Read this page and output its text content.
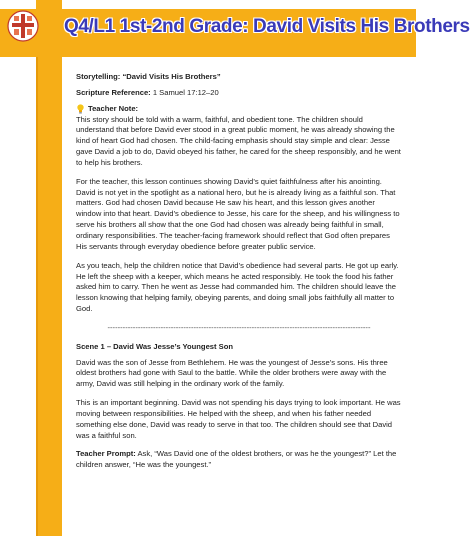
Q4/L1 1st-2nd Grade: David Visits His Brothers

Storytelling: “David Visits His Brothers”

Scripture Reference: 1 Samuel 17:12–20

Teacher Note:

This story should be told with a warm, faithful, and obedient tone. The children should understand that before David ever stood in a great public moment, he was already showing the kind of heart God had chosen. The child-facing emphasis should stay simple and clear: Jesse gave David a job to do, David obeyed his father, he cared for the sheep responsibly, and he went to help his brothers.

For the teacher, this lesson continues showing David’s quiet faithfulness after his anointing. David is not yet in the spotlight as a national hero, but he is already living as a faithful son. That matters. God had chosen David because He saw his heart, and this lesson gives another window into that heart. David’s obedience to Jesse, his care for the sheep, and his willingness to serve his brothers all show that the one God had chosen was already being faithful in small, ordinary responsibilities. The teacher-facing framework should reflect that God often prepares His servants through everyday obedience before greater public service.

As you teach, help the children notice that David’s obedience had several parts. He got up early. He left the sheep with a keeper, which means he acted responsibly. He took the food his father asked him to carry. Then he went as Jesse had commanded him. The children should leave the lesson knowing that helping family, obeying parents, and doing small jobs faithfully all matter to God.

--------------------------------------------------------------------------------------------------------

Scene 1 – David Was Jesse’s Youngest Son

David was the son of Jesse from Bethlehem. He was the youngest of Jesse’s sons. His three oldest brothers had gone with Saul to the battle. While the older brothers were away with the army, David was still helping in the ordinary work of the family.

This is an important beginning. David was not spending his days trying to look important. He was moving between responsibilities. He helped with the sheep, and when his father needed something else done, David was ready to serve in that too. The children should see that David was a faithful son.

Teacher Prompt: Ask, “Was David one of the oldest brothers, or was he the youngest?” Let the children answer, “He was the youngest.”
